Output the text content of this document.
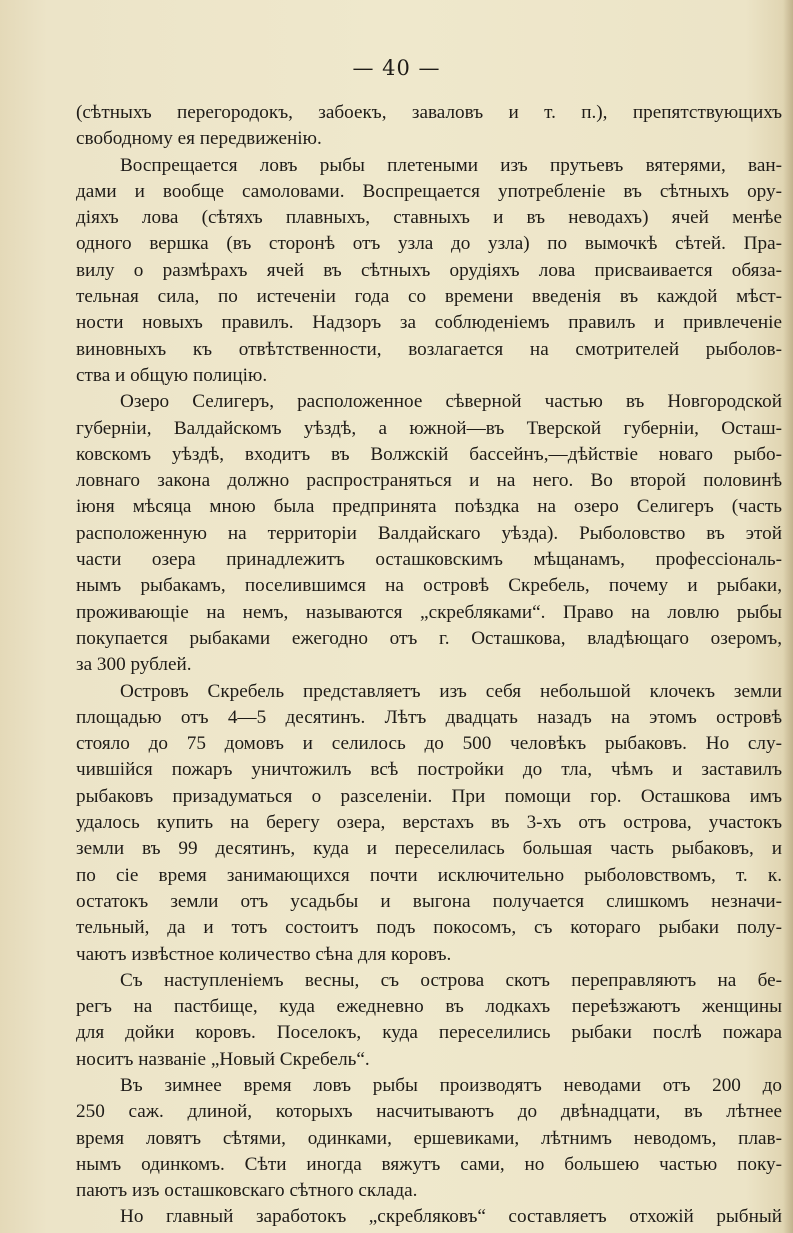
— 40 —
(сѣтныхъ перегородокъ, забоекъ, заваловъ и т. п.), препятствующихъ
свободному ея передвиженію.
Воспрещается ловъ рыбы плетеными изъ прутьевъ вятерями, ван-
дами и вообще самоловами. Воспрещается употребленіе въ сѣтныхъ ору-
діяхъ лова (сѣтяхъ плавныхъ, ставныхъ и въ неводахъ) ячей менѣе
одного вершка (въ сторонѣ отъ узла до узла) по вымочкѣ сѣтей. Пра-
вилу о размѣрахъ ячей въ сѣтныхъ орудіяхъ лова присваивается обяза-
тельная сила, по истеченіи года со времени введенія въ каждой мѣст-
ности новыхъ правилъ. Надзоръ за соблюденіемъ правилъ и привлеченіе
виновныхъ къ отвѣтственности, возлагается на смотрителей рыболов-
ства и общую полицію.
Озеро Селигеръ, расположенное сѣверной частью въ Новгородской
губерніи, Валдайскомъ уѣздѣ, а южной—въ Тверской губерніи, Осташ-
ковскомъ уѣздѣ, входитъ въ Волжскій бассейнъ,—дѣйствіе новаго рыбо-
ловнаго закона должно распространяться и на него. Во второй половинѣ
іюня мѣсяца мною была предпринята поѣздка на озеро Селигеръ (часть
расположенную на территоріи Валдайскаго уѣзда). Рыболовство въ этой
части озера принадлежитъ осташковскимъ мѣщанамъ, профессіональ-
нымъ рыбакамъ, поселившимся на островѣ Скребель, почему и рыбаки,
проживающіе на немъ, называются „скребляками“. Право на ловлю рыбы
покупается рыбаками ежегодно отъ г. Осташкова, владѣющаго озеромъ,
за 300 рублей.
Островъ Скребель представляетъ изъ себя небольшой клочекъ земли
площадью отъ 4—5 десятинъ. Лѣтъ двадцать назадъ на этомъ островѣ
стояло до 75 домовъ и селилось до 500 человѣкъ рыбаковъ. Но слу-
чившійся пожаръ уничтожилъ всѣ постройки до тла, чѣмъ и заставилъ
рыбаковъ призадуматься о разселеніи. При помощи гор. Осташкова имъ
удалось купить на берегу озера, верстахъ въ 3-хъ отъ острова, участокъ
земли въ 99 десятинъ, куда и переселилась большая часть рыбаковъ, и
по сіе время занимающихся почти исключительно рыболовствомъ, т. к.
остатокъ земли отъ усадьбы и выгона получается слишкомъ незначи-
тельный, да и тотъ состоитъ подъ покосомъ, съ котораго рыбаки полу-
чаютъ извѣстное количество сѣна для коровъ.
Съ наступленіемъ весны, съ острова скотъ переправляютъ на бе-
регъ на пастбище, куда ежедневно въ лодкахъ переѣзжаютъ женщины
для дойки коровъ. Поселокъ, куда переселились рыбаки послѣ пожара
носитъ названіе „Новый Скребель“.
Въ зимнее время ловъ рыбы производятъ неводами отъ 200 до
250 саж. длиной, которыхъ насчитываютъ до двѣнадцати, въ лѣтнее
время ловятъ сѣтями, одинками, ершевиками, лѣтнимъ неводомъ, плав-
нымъ одинкомъ. Сѣти иногда вяжутъ сами, но большею частью поку-
паютъ изъ осташковскаго сѣтного склада.
Но главный заработокъ „скребляковъ“ составляетъ отхожій рыбный
